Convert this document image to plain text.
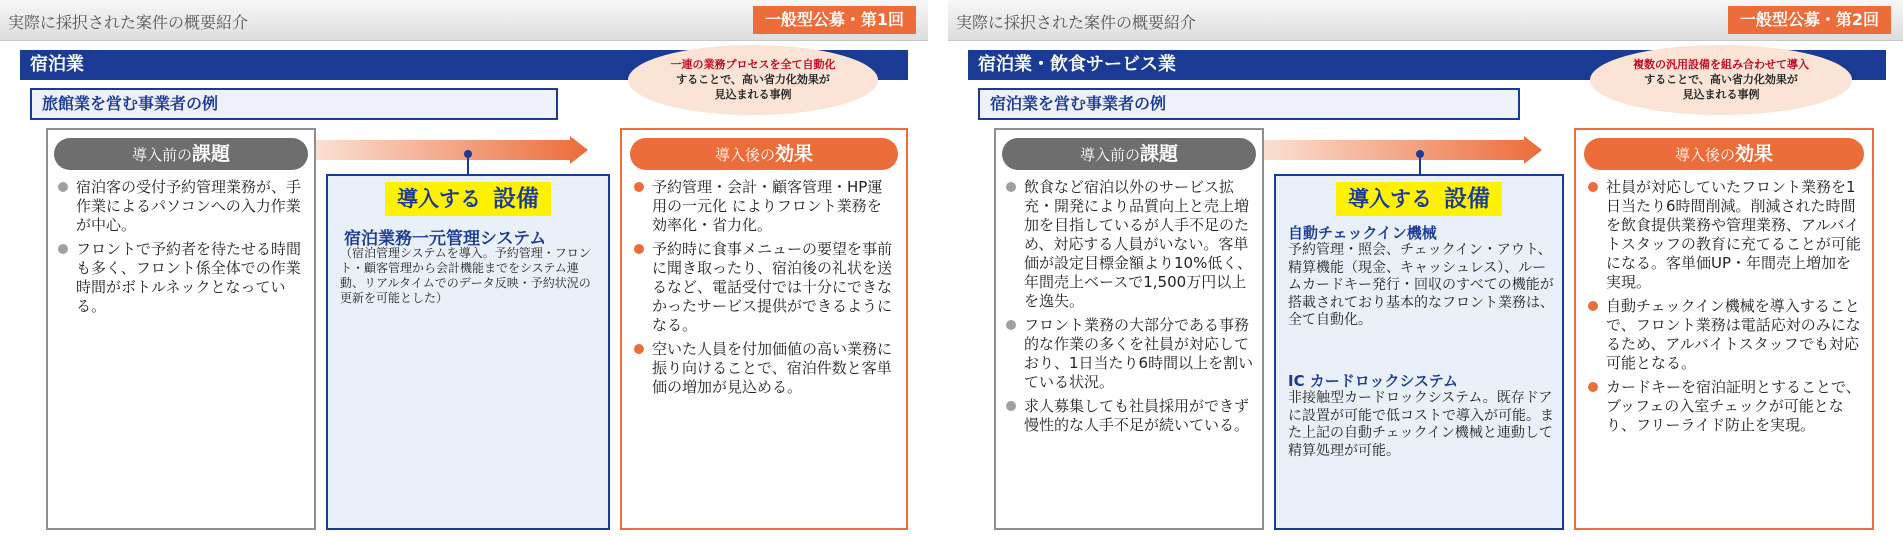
実際に採択された案件の概要紹介	一般型公募・第1回
宿泊業	一連の業務プロセスを全て自動化
することで、高い省力化効果が
見込まれる事例
旅館業を営む事業者の例
導入前の課題
宿泊客の受付予約管理業務が、手作業によるパソコンへの入力作業が中心。
フロントで予約者を待たせる時間も多く、フロント係全体での作業時間がボトルネックとなっている。
導入する 設備
宿泊業務一元管理システム
（宿泊管理システムを導入。予約管理・フロント・顧客管理から会計機能までをシステム連動、リアルタイムでのデータ反映・予約状況の更新を可能とした）
導入後の効果
予約管理・会計・顧客管理・HP運用の一元化 によりフロント業務を効率化・省力化。
予約時に食事メニューの要望を事前に聞き取ったり、宿泊後の礼状を送るなど、電話受付では十分にできなかったサービス提供ができるようになる。
空いた人員を付加価値の高い業務に振り向けることで、宿泊件数と客単価の増加が見込める。
実際に採択された案件の概要紹介	一般型公募・第2回
宿泊業・飲食サービス業	複数の汎用設備を組み合わせて導入
することで、高い省力化効果が
見込まれる事例
宿泊業を営む事業者の例
導入前の課題
飲食など宿泊以外のサービス拡充・開発により品質向上と売上増加を目指しているが人手不足のため、対応する人員がいない。客単価が設定目標金額より10%低く、年間売上ベースで1,500万円以上を逸失。
フロント業務の大部分である事務的な作業の多くを社員が対応しており、1日当たり6時間以上を割いている状況。
求人募集しても社員採用ができず慢性的な人手不足が続いている。
導入する 設備
自動チェックイン機械
予約管理・照会、チェックイン・アウト、精算機能（現金、キャッシュレス）、ルームカードキー発行・回収のすべての機能が搭載されており基本的なフロント業務は、全て自動化。
IC カードロックシステム
非接触型カードロックシステム。既存ドアに設置が可能で低コストで導入が可能。また上記の自動チェックイン機械と連動して精算処理が可能。
導入後の効果
社員が対応していたフロント業務を1日当たり6時間削減。削減された時間を飲食提供業務や管理業務、アルバイトスタッフの教育に充てることが可能になる。客単価UP・年間売上増加を実現。
自動チェックイン機械を導入することで、フロント業務は電話応対のみになるため、アルバイトスタッフでも対応可能となる。
カードキーを宿泊証明とすることで、ブッフェの入室チェックが可能となり、フリーライド防止を実現。
